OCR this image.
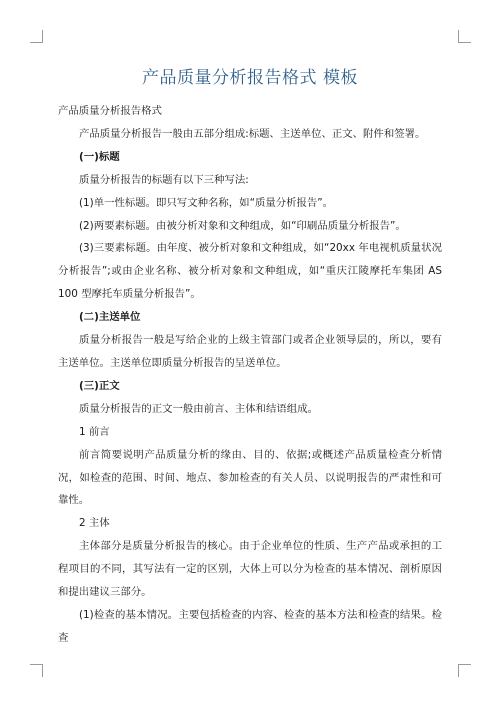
产品质量分析报告格式 模板

产品质量分析报告格式

产品质量分析报告一般由五部分组成:标题、主送单位、正文、附件和签署。

(一)标题

质量分析报告的标题有以下三种写法:

(1)单一性标题。即只写文种名称，如“质量分析报告”。

(2)两要素标题。由被分析对象和文种组成，如“印刷品质量分析报告”。

(3)三要素标题。由年度、被分析对象和文种组成，如“20xx 年电视机质量状况分析报告”;或由企业名称、被分析对象和文种组成，如“重庆江陵摩托车集团 AS 100 型摩托车质量分析报告”。

(二)主送单位

质量分析报告一般是写给企业的上级主管部门或者企业领导层的，所以，要有主送单位。主送单位即质量分析报告的呈送单位。

(三)正文

质量分析报告的正文一般由前言、主体和结语组成。

1 前言

前言简要说明产品质量分析的缘由、目的、依据;或概述产品质量检查分析情况，如检查的范围、时间、地点、参加检查的有关人员、以说明报告的严肃性和可靠性。

2 主体

主体部分是质量分析报告的核心。由于企业单位的性质、生产产品或承担的工程项目的不同，其写法有一定的区别，大体上可以分为检查的基本情况、剖析原因和提出建议三部分。

(1)检查的基本情况。主要包括检查的内容、检查的基本方法和检查的结果。检查
